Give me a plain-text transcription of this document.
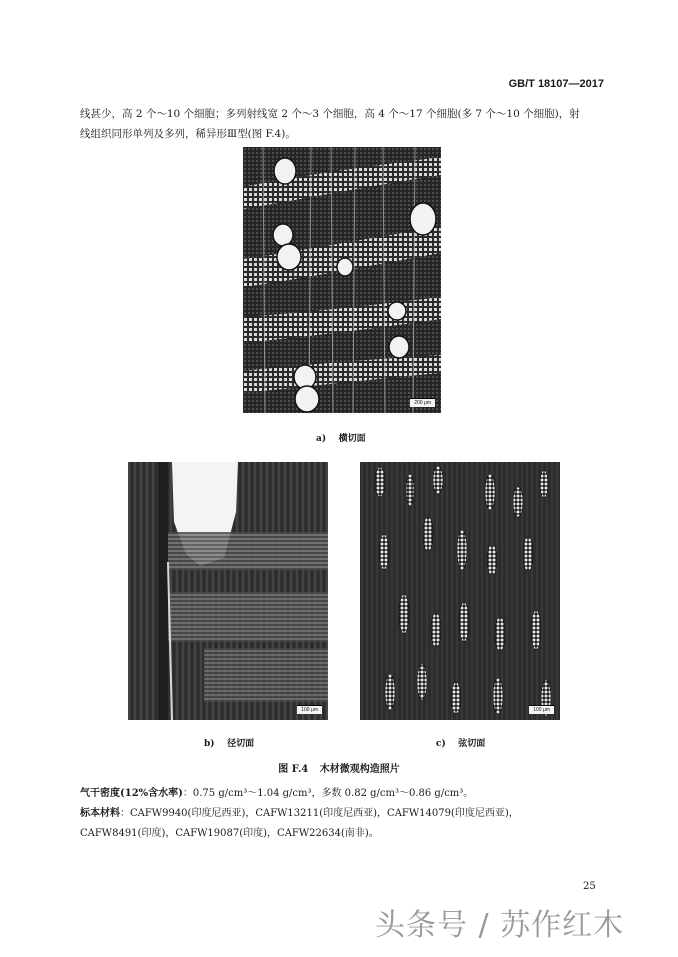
GB/T 18107—2017

线甚少，高 2 个～10 个细胞；多列射线宽 2 个～3 个细胞，高 4 个～17 个细胞(多 7 个～10 个细胞)，射

线组织同形单列及多列，稀异形Ⅲ型(图 F.4)。

200 μm
a) 横切面
100 μm
b) 径切面
100 μm
c) 弦切面
图 F.4 木材微观构造照片

气干密度(12%含水率)：0.75 g/cm³～1.04 g/cm³，多数 0.82 g/cm³～0.86 g/cm³。

标本材料：CAFW9940(印度尼西亚)，CAFW13211(印度尼西亚)，CAFW14079(印度尼西亚)，

CAFW8491(印度)，CAFW19087(印度)，CAFW22634(南非)。

25
头条号 / 苏作红木
